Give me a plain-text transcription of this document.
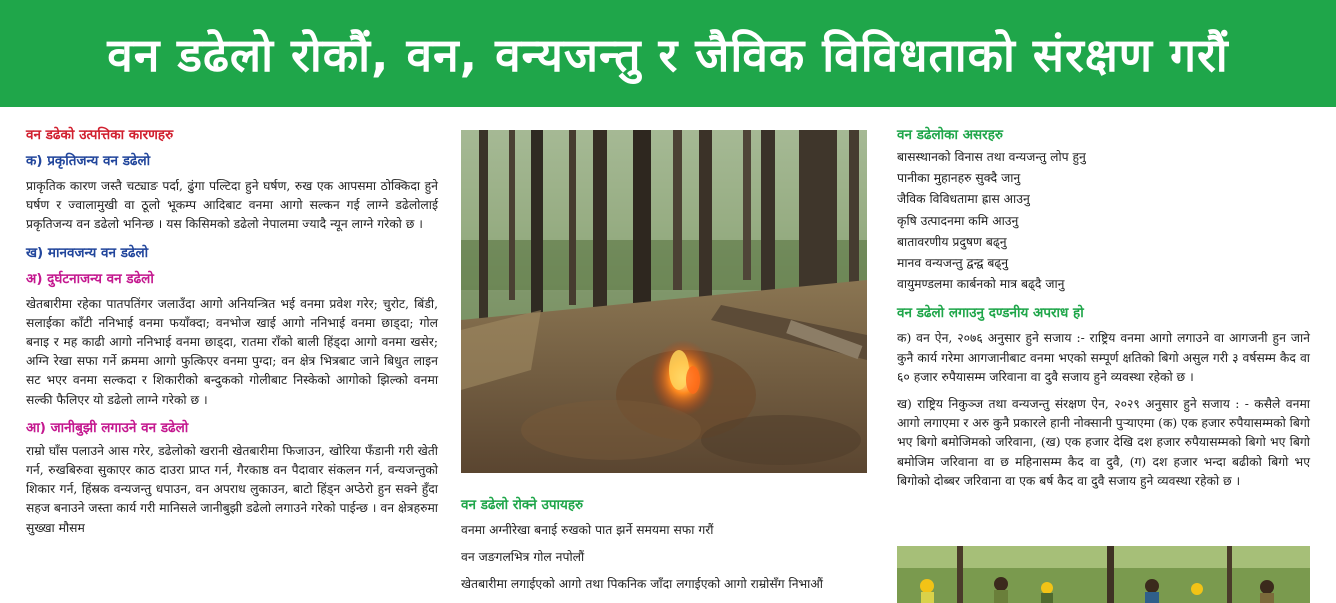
वन डढेलो रोकौं, वन, वन्यजन्तु र जैविक विविधताको संरक्षण गरौं
वन डढेको उत्पत्तिका कारणहरु
क) प्रकृतिजन्य वन डढेलो

प्राकृतिक कारण जस्तै चट्याङ पर्दा, ढुंगा पल्टिदा हुने घर्षण, रुख एक आपसमा ठोक्किदा हुने घर्षण र ज्वालामुखी वा ठूलो भूकम्प आदिबाट वनमा आगो सल्कन गई लाग्ने डढेलोलाई प्रकृतिजन्य वन डढेलो भनिन्छ । यस किसिमको डढेलो नेपालमा ज्यादै न्यून लाग्ने गरेको छ ।

ख) मानवजन्य वन डढेलो
अ) दुर्घटनाजन्य वन डढेलो

खेतबारीमा रहेका पातपतिंगर जलाउँदा आगो अनियन्त्रित भई वनमा प्रवेश गरेर; चुरोट, बिंडी, सलाईका काँटी ननिभाई वनमा फयाँक्दा; वनभोज खाई आगो ननिभाई वनमा छाड्दा; गोल बनाइ र मह काढी आगो ननिभाई वनमा छाड्दा, रातमा राँको बाली हिंड्दा आगो वनमा खसेर; अग्नि रेखा सफा गर्ने क्रममा आगो फुत्किएर वनमा पुग्दा; वन क्षेत्र भित्रबाट जाने बिधुत लाइन सट भएर वनमा सल्कदा र शिकारीको बन्दुकको गोलीबाट निस्केको आगोको झिल्को वनमा सल्की फैलिएर यो डढेलो लाग्ने गरेको छ ।

आ) जानीबुझी लगाउने वन डढेलो

राम्रो घाँस पलाउने आस गरेर, डढेलोको खरानी खेतबारीमा फिजाउन, खोरिया फँडानी गरी खेती गर्न, रुखबिरुवा सुकाएर काठ दाउरा प्राप्त गर्न, गैरकाष्ठ वन पैदावार संकलन गर्न, वन्यजन्तुको शिकार गर्न, हिंस्रक वन्यजन्तु धपाउन, वन अपराध लुकाउन, बाटो हिंड्न अप्ठेरो हुन सक्ने हुँदा सहज बनाउने जस्ता कार्य गरी मानिसले जानीबुझी डढेलो लगाउने गरेको पाईन्छ । वन क्षेत्रहरुमा सुख्खा मौसम

वन डढेलो रोक्ने उपायहरु
वनमा अग्नीरेखा बनाई रुखको पात झर्ने समयमा सफा गरौं
वन जङगलभित्र गोल नपोलौं
खेतबारीमा लगाईएको आगो तथा पिकनिक जाँदा लगाईएको आगो राम्रोसँग निभाऔं
वन डढेलोका असरहरु
बासस्थानको विनास तथा वन्यजन्तु लोप हुनु
पानीका मुहानहरु सुक्दै जानु
जैविक विविधतामा ह्रास आउनु
कृषि उत्पादनमा कमि आउनु
बातावरणीय प्रदुषण बढ्नु
मानव वन्यजन्तु द्वन्द्व बढ्नु
वायुमण्डलमा कार्बनको मात्र बढ्दै जानु
वन डढेलो लगाउनु दण्डनीय अपराध हो

क) वन ऐन, २०७६ अनुसार हुने सजाय :- राष्ट्रिय वनमा आगो लगाउने वा आगजनी हुन जाने कुनै कार्य गरेमा आगजानीबाट वनमा भएको सम्पूर्ण क्षतिको बिगो असुल गरी ३ वर्षसम्म कैद वा ६० हजार रुपैयासम्म जरिवाना वा दुवै सजाय हुने व्यवस्था रहेको छ ।

ख) राष्ट्रिय निकुञ्ज तथा वन्यजन्तु संरक्षण ऐन, २०२९ अनुसार हुने सजाय : - कसैले वनमा आगो लगाएमा र अरु कुनै प्रकारले हानी नोक्सानी पुऱ्याएमा (क) एक हजार रुपैयासम्मको बिगो भए बिगो बमोजिमको जरिवाना, (ख) एक हजार देखि दश हजार रुपैयासम्मको बिगो भए बिगो बमोजिम जरिवाना वा छ महिनासम्म कैद वा दुवै, (ग) दश हजार भन्दा बढीको बिगो भए बिगोको दोब्बर जरिवाना वा एक बर्ष कैद वा दुवै सजाय हुने व्यवस्था रहेको छ ।
